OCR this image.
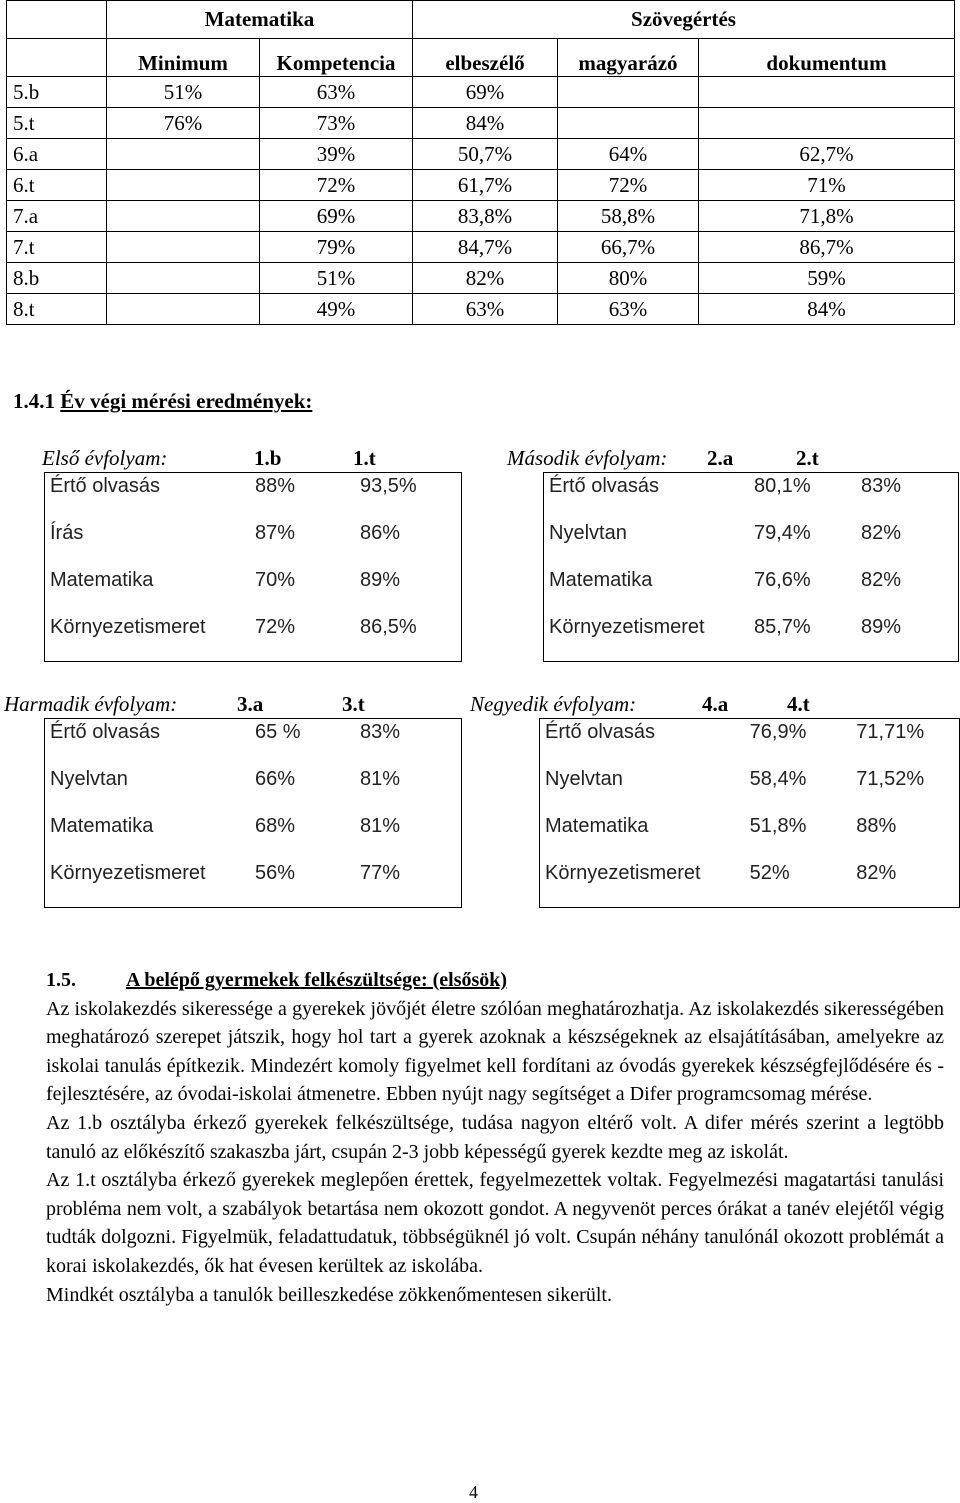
	Matematika		Szövegértés		
	Minimum	Kompetencia	elbeszélő	magyarázó	dokumentum
5.b	51%	63%	69%		
5.t	76%	73%	84%		
6.a		39%	50,7%	64%	62,7%
6.t		72%	61,7%	72%	71%
7.a		69%	83,8%	58,8%	71,8%
7.t		79%	84,7%	66,7%	86,7%
8.b		51%	82%	80%	59%
8.t		49%	63%	63%	84%
1.4.1 Év végi mérési eredmények:
Első évfolyam:	1.b	1.t
Értő olvasás	88%	93,5%
Írás	87%	86%
Matematika	70%	89%
Környezetismeret	72%	86,5%
Második évfolyam: 2.a	2.t
Értő olvasás	80,1%	83%
Nyelvtan	79,4%	82%
Matematika	76,6%	82%
Környezetismeret	85,7%	89%
Harmadik évfolyam:	3.a	3.t
Értő olvasás	65 %	83%
Nyelvtan	66%	81%
Matematika	68%	81%
Környezetismeret	56%	77%
Negyedik évfolyam:	4.a	4.t
Értő olvasás	76,9%	71,71%
Nyelvtan	58,4%	71,52%
Matematika	51,8%	88%
Környezetismeret	52%	82%

1.5.	A belépő gyermekek felkészültsége: (elsősök)

Az iskolakezdés sikeressége a gyerekek jövőjét életre szólóan meghatározhatja. Az iskolakezdés sikerességében meghatározó szerepet játszik, hogy hol tart a gyerek azoknak a készségeknek az elsajátításában, amelyekre az iskolai tanulás építkezik. Mindezért komoly figyelmet kell fordítani az óvodás gyerekek készségfejlődésére és - fejlesztésére, az óvodai-iskolai átmenetre. Ebben nyújt nagy segítséget a Difer programcsomag mérése.

Az 1.b osztályba érkező gyerekek felkészültsége, tudása nagyon eltérő volt. A difer mérés szerint a legtöbb tanuló az előkészítő szakaszba járt, csupán 2-3 jobb képességű gyerek kezdte meg az iskolát.

Az 1.t osztályba érkező gyerekek meglepően érettek, fegyelmezettek voltak. Fegyelmezési magatartási tanulási probléma nem volt, a szabályok betartása nem okozott gondot. A negyvenöt perces órákat a tanév elejétől végig tudták dolgozni. Figyelmük, feladattudatuk, többségüknél jó volt. Csupán néhány tanulónál okozott problémát a korai iskolakezdés, ők hat évesen kerültek az iskolába.

Mindkét osztályba a tanulók beilleszkedése zökkenőmentesen sikerült.

4
